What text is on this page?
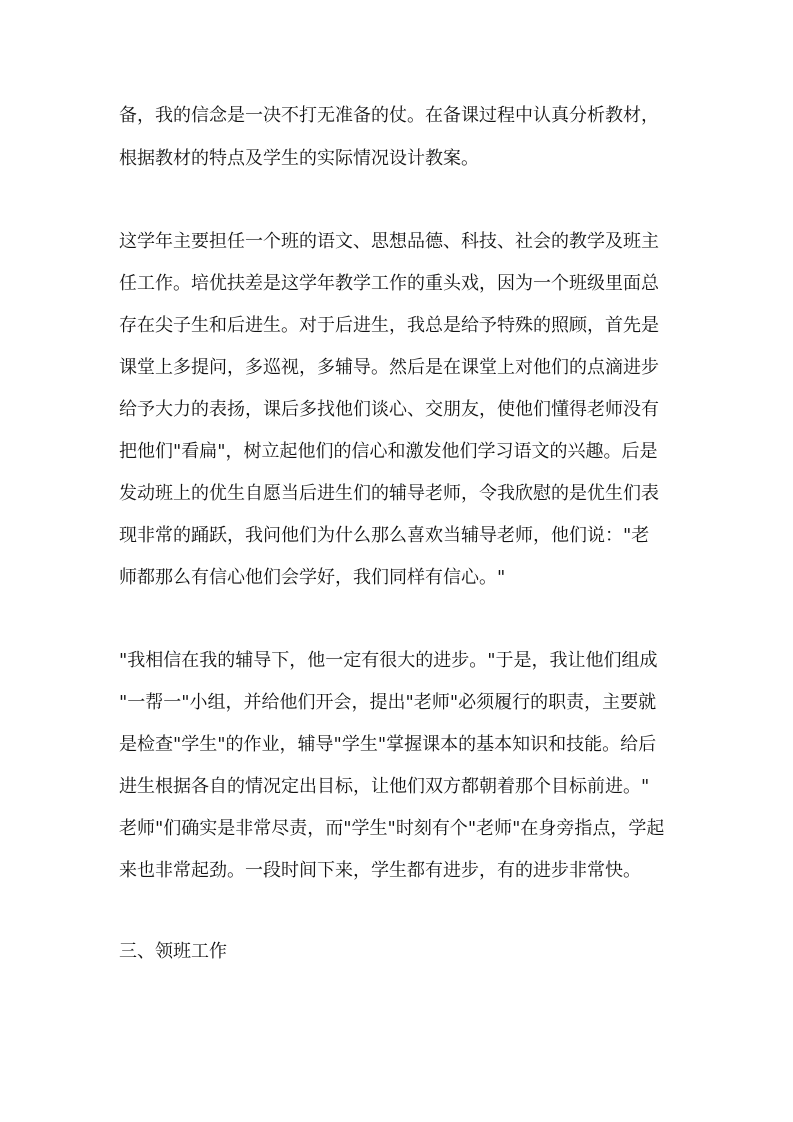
备，我的信念是一决不打无准备的仗。在备课过程中认真分析教材，
根据教材的特点及学生的实际情况设计教案。
这学年主要担任一个班的语文、思想品德、科技、社会的教学及班主
任工作。培优扶差是这学年教学工作的重头戏，因为一个班级里面总
存在尖子生和后进生。对于后进生，我总是给予特殊的照顾，首先是
课堂上多提问，多巡视，多辅导。然后是在课堂上对他们的点滴进步
给予大力的表扬，课后多找他们谈心、交朋友，使他们懂得老师没有
把他们"看扁"，树立起他们的信心和激发他们学习语文的兴趣。后是
发动班上的优生自愿当后进生们的辅导老师，令我欣慰的是优生们表
现非常的踊跃，我问他们为什么那么喜欢当辅导老师，他们说："老
师都那么有信心他们会学好，我们同样有信心。"
"我相信在我的辅导下，他一定有很大的进步。"于是，我让他们组成
"一帮一"小组，并给他们开会，提出"老师"必须履行的职责，主要就
是检查"学生"的作业，辅导"学生"掌握课本的基本知识和技能。给后
进生根据各自的情况定出目标，让他们双方都朝着那个目标前进。"
老师"们确实是非常尽责，而"学生"时刻有个"老师"在身旁指点，学起
来也非常起劲。一段时间下来，学生都有进步，有的进步非常快。
三、领班工作
